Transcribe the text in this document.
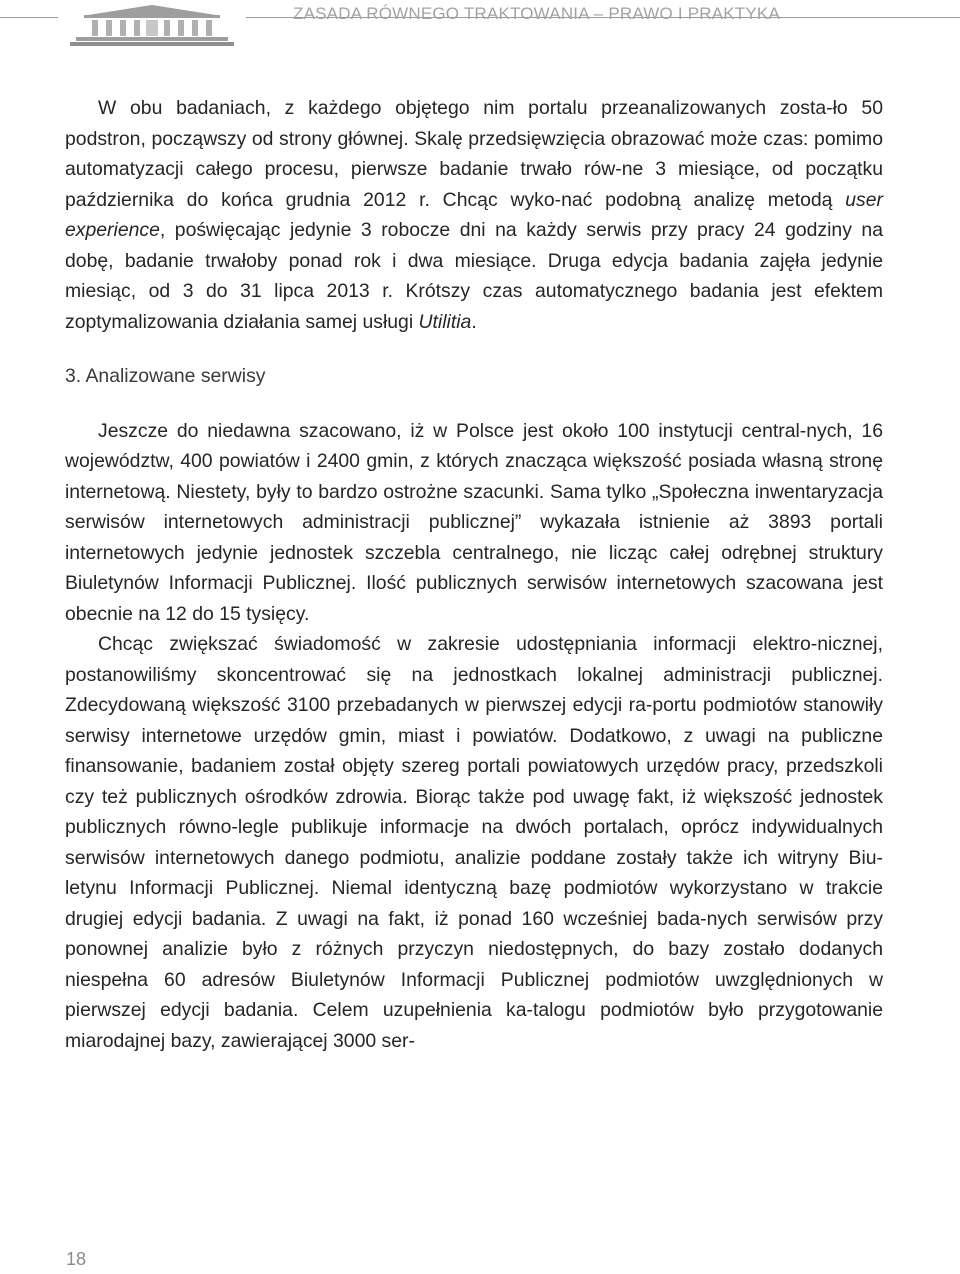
ZASADA RÓWNEGO TRAKTOWANIA – PRAWO I PRAKTYKA

W obu badaniach, z każdego objętego nim portalu przeanalizowanych zosta-ło 50 podstron, począwszy od strony głównej. Skalę przedsięwzięcia obrazować może czas: pomimo automatyzacji całego procesu, pierwsze badanie trwało rów-ne 3 miesiące, od początku października do końca grudnia 2012 r. Chcąc wyko-nać podobną analizę metodą user experience, poświęcając jedynie 3 robocze dni na każdy serwis przy pracy 24 godziny na dobę, badanie trwałoby ponad rok i dwa miesiące. Druga edycja badania zajęła jedynie miesiąc, od 3 do 31 lipca 2013 r. Krótszy czas automatycznego badania jest efektem zoptymalizowania działania samej usługi Utilitia.

3. Analizowane serwisy

Jeszcze do niedawna szacowano, iż w Polsce jest około 100 instytucji central-nych, 16 województw, 400 powiatów i 2400 gmin, z których znacząca większość posiada własną stronę internetową. Niestety, były to bardzo ostrożne szacunki. Sama tylko „Społeczna inwentaryzacja serwisów internetowych administracji publicznej” wykazała istnienie aż 3893 portali internetowych jedynie jednostek szczebla centralnego, nie licząc całej odrębnej struktury Biuletynów Informacji Publicznej. Ilość publicznych serwisów internetowych szacowana jest obecnie na 12 do 15 tysięcy.

Chcąc zwiększać świadomość w zakresie udostępniania informacji elektro-nicznej, postanowiliśmy skoncentrować się na jednostkach lokalnej administracji publicznej. Zdecydowaną większość 3100 przebadanych w pierwszej edycji ra-portu podmiotów stanowiły serwisy internetowe urzędów gmin, miast i powiatów. Dodatkowo, z uwagi na publiczne finansowanie, badaniem został objęty szereg portali powiatowych urzędów pracy, przedszkoli czy też publicznych ośrodków zdrowia. Biorąc także pod uwagę fakt, iż większość jednostek publicznych równo-legle publikuje informacje na dwóch portalach, oprócz indywidualnych serwisów internetowych danego podmiotu, analizie poddane zostały także ich witryny Biu-letynu Informacji Publicznej. Niemal identyczną bazę podmiotów wykorzystano w trakcie drugiej edycji badania. Z uwagi na fakt, iż ponad 160 wcześniej bada-nych serwisów przy ponownej analizie było z różnych przyczyn niedostępnych, do bazy zostało dodanych niespełna 60 adresów Biuletynów Informacji Publicznej podmiotów uwzględnionych w pierwszej edycji badania. Celem uzupełnienia ka-talogu podmiotów było przygotowanie miarodajnej bazy, zawierającej 3000 ser-

18
